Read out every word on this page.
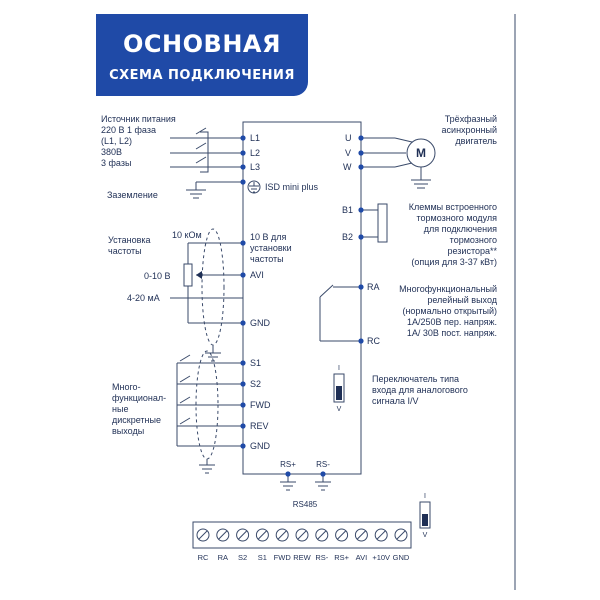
ОСНОВНАЯ
СХЕМА ПОДКЛЮЧЕНИЯ
Источник питания
220 В 1 фаза
(L1, L2)
380В
3 фазы
Заземление
Установка
частоты
10 кОм
0-10 В
4-20 мА
Много-
функционал-
ные
дискретные
выходы
L1
L2
L3
ISD mini plus
10 В для
установки
частоты
AVI
GND
S1
S2
FWD
REV
GND
U
V
W
B1
B2
RA
RC
M
Трёхфазный
асинхронный
двигатель
Клеммы встроенного
тормозного модуля
для подключения
тормозного
резистора**
(опция для 3-37 кВт)
Многофункциональный
релейный выход
(нормально открытый)
1А/250В пер. напряж.
1А/ 30В пост. напряж.
Переключатель типа
входа для аналогового
сигнала I/V
I
V
I
V
RS+	RS-
RS485
RC RA S2 S1 FWD REW RS- RS+ AVI +10V GND
